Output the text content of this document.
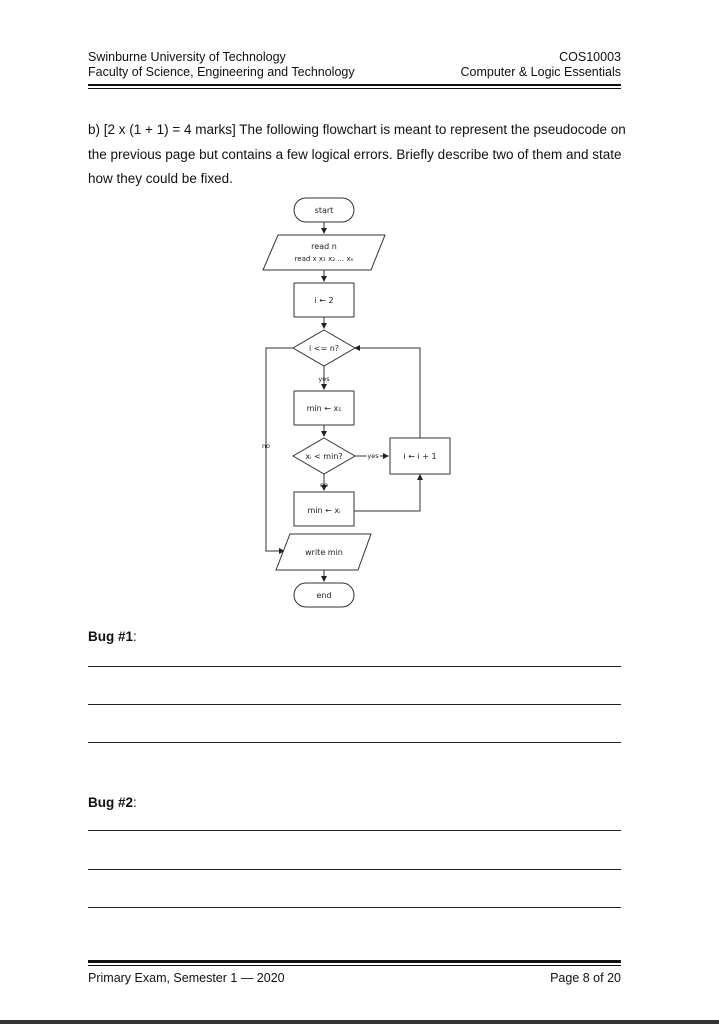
Swinburne University of Technology
Faculty of Science, Engineering and Technology
COS10003
Computer & Logic Essentials
b) [2 x (1 + 1) = 4 marks] The following flowchart is meant to represent the pseudocode on the previous page but contains a few logical errors. Briefly describe two of them and state how they could be fixed.
start
read n
read x x₁ x₂ … xₙ
i ← 2
i <= n?
yes
no
min ← x₁
xᵢ < min?	yes
no
i ← i + 1
min ← xᵢ
write min
end
Bug #1:
Bug #2:
Primary Exam, Semester 1 — 2020	Page 8 of 20
